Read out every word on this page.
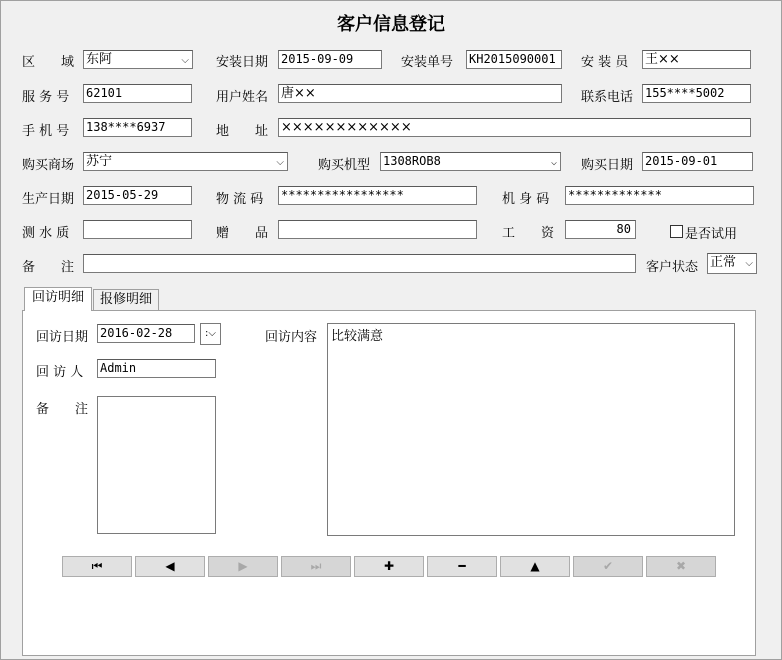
客户信息登记
区　　域 东阿	⌵ 安装日期 2015-09-09	安装单号 KH2015090001	安 装 员 王××
服 务 号 62101	用户姓名 唐××	联系电话 155****5002
手 机 号 138****6937	地　　址 ××××××××××××
购买商场 苏宁	⌵	购买机型 1308ROB8	⌵ 购买日期 2015-09-01
生产日期 2015-05-29	物 流 码 *****************	机 身 码 *************
测 水 质	赠　　品	工　　资	80	是否试用
备　　注	客户状态 正常 ⌵
回访明细	报修明细
回访日期 2016-02-28	:⌵
回 访 人 Admin
备　　注
回访内容	比较满意
⏮	◀	▶	⏭	✚	━	▲	✔	✖
